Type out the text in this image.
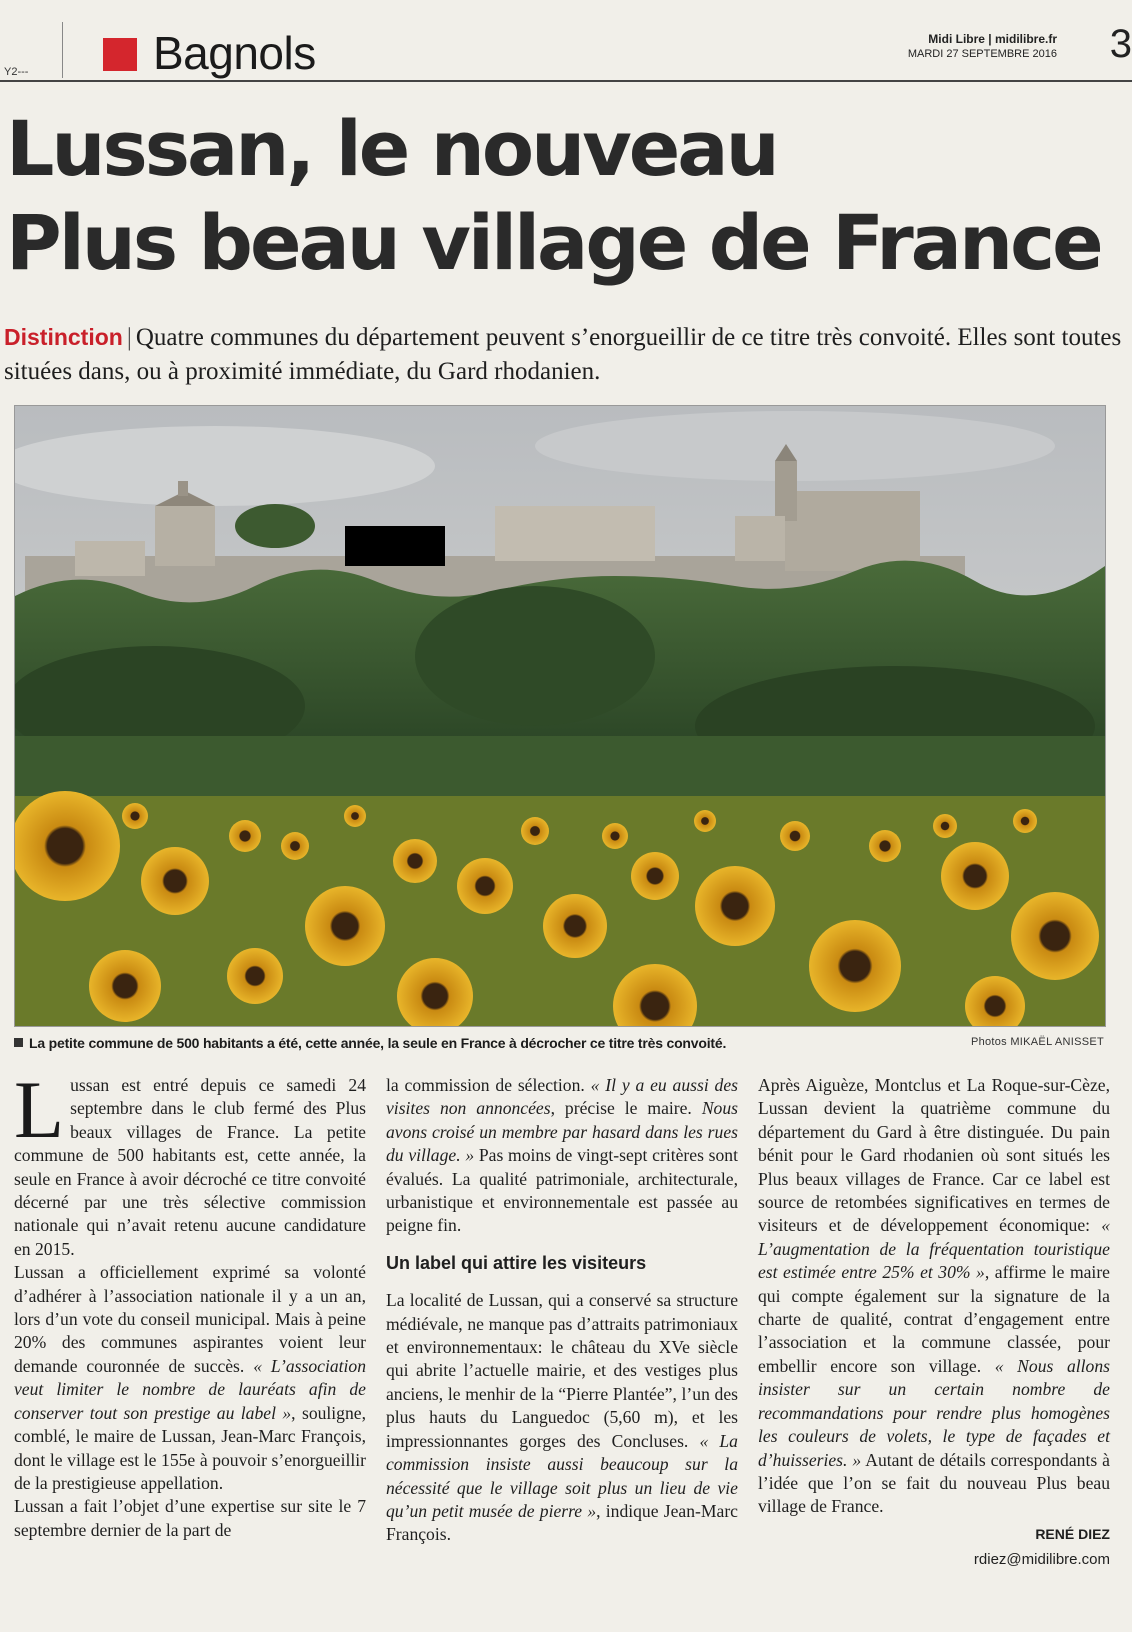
Y2---	Bagnols	Midi Libre | midilibre.fr
MARDI 27 SEPTEMBRE 2016 3
Lussan, le nouveau
Plus beau village de France
Distinction | Quatre communes du département peuvent s’enorgueillir de ce titre très convoité. Elles sont toutes situées dans, ou à proximité immédiate, du Gard rhodanien.
La petite commune de 500 habitants a été, cette année, la seule en France à décrocher ce titre très convoité.	Photos MIKAËL ANISSET

Lussan est entré depuis ce samedi 24 septembre dans le club fermé des Plus beaux villages de France. La petite commune de 500 habitants est, cette année, la seule en France à avoir décroché ce titre convoité décerné par une très sélective commission nationale qui n’avait retenu aucune candidature en 2015.

Lussan a officiellement exprimé sa volonté d’adhérer à l’association nationale il y a un an, lors d’un vote du conseil municipal. Mais à peine 20% des communes aspirantes voient leur demande couronnée de succès. « L’association veut limiter le nombre de lauréats afin de conserver tout son prestige au label », souligne, comblé, le maire de Lussan, Jean-Marc François, dont le village est le 155e à pouvoir s’enorgueillir de la prestigieuse appellation.

Lussan a fait l’objet d’une expertise sur site le 7 septembre dernier de la part de

la commission de sélection. « Il y a eu aussi des visites non annoncées, précise le maire. Nous avons croisé un membre par hasard dans les rues du village. » Pas moins de vingt-sept critères sont évalués. La qualité patrimoniale, architecturale, urbanistique et environnementale est passée au peigne fin.

Un label qui attire les visiteurs

La localité de Lussan, qui a conservé sa structure médiévale, ne manque pas d’attraits patrimoniaux et environnementaux: le château du XVe siècle qui abrite l’actuelle mairie, et des vestiges plus anciens, le menhir de la “Pierre Plantée”, l’un des plus hauts du Languedoc (5,60 m), et les impressionnantes gorges des Concluses. « La commission insiste aussi beaucoup sur la nécessité que le village soit plus un lieu de vie qu’un petit musée de pierre », indique Jean-Marc François.

Après Aiguèze, Montclus et La Roque-sur-Cèze, Lussan devient la quatrième commune du département du Gard à être distinguée. Du pain bénit pour le Gard rhodanien où sont situés les Plus beaux villages de France. Car ce label est source de retombées significatives en termes de visiteurs et de développement économique: « L’augmentation de la fréquentation touristique est estimée entre 25% et 30% », affirme le maire qui compte également sur la signature de la charte de qualité, contrat d’engagement entre l’association et la commune classée, pour embellir encore son village. « Nous allons insister sur un certain nombre de recommandations pour rendre plus homogènes les couleurs de volets, le type de façades et d’huisseries. » Autant de détails correspondants à l’idée que l’on se fait du nouveau Plus beau village de France.

RENÉ DIEZ
rdiez@midilibre.com
